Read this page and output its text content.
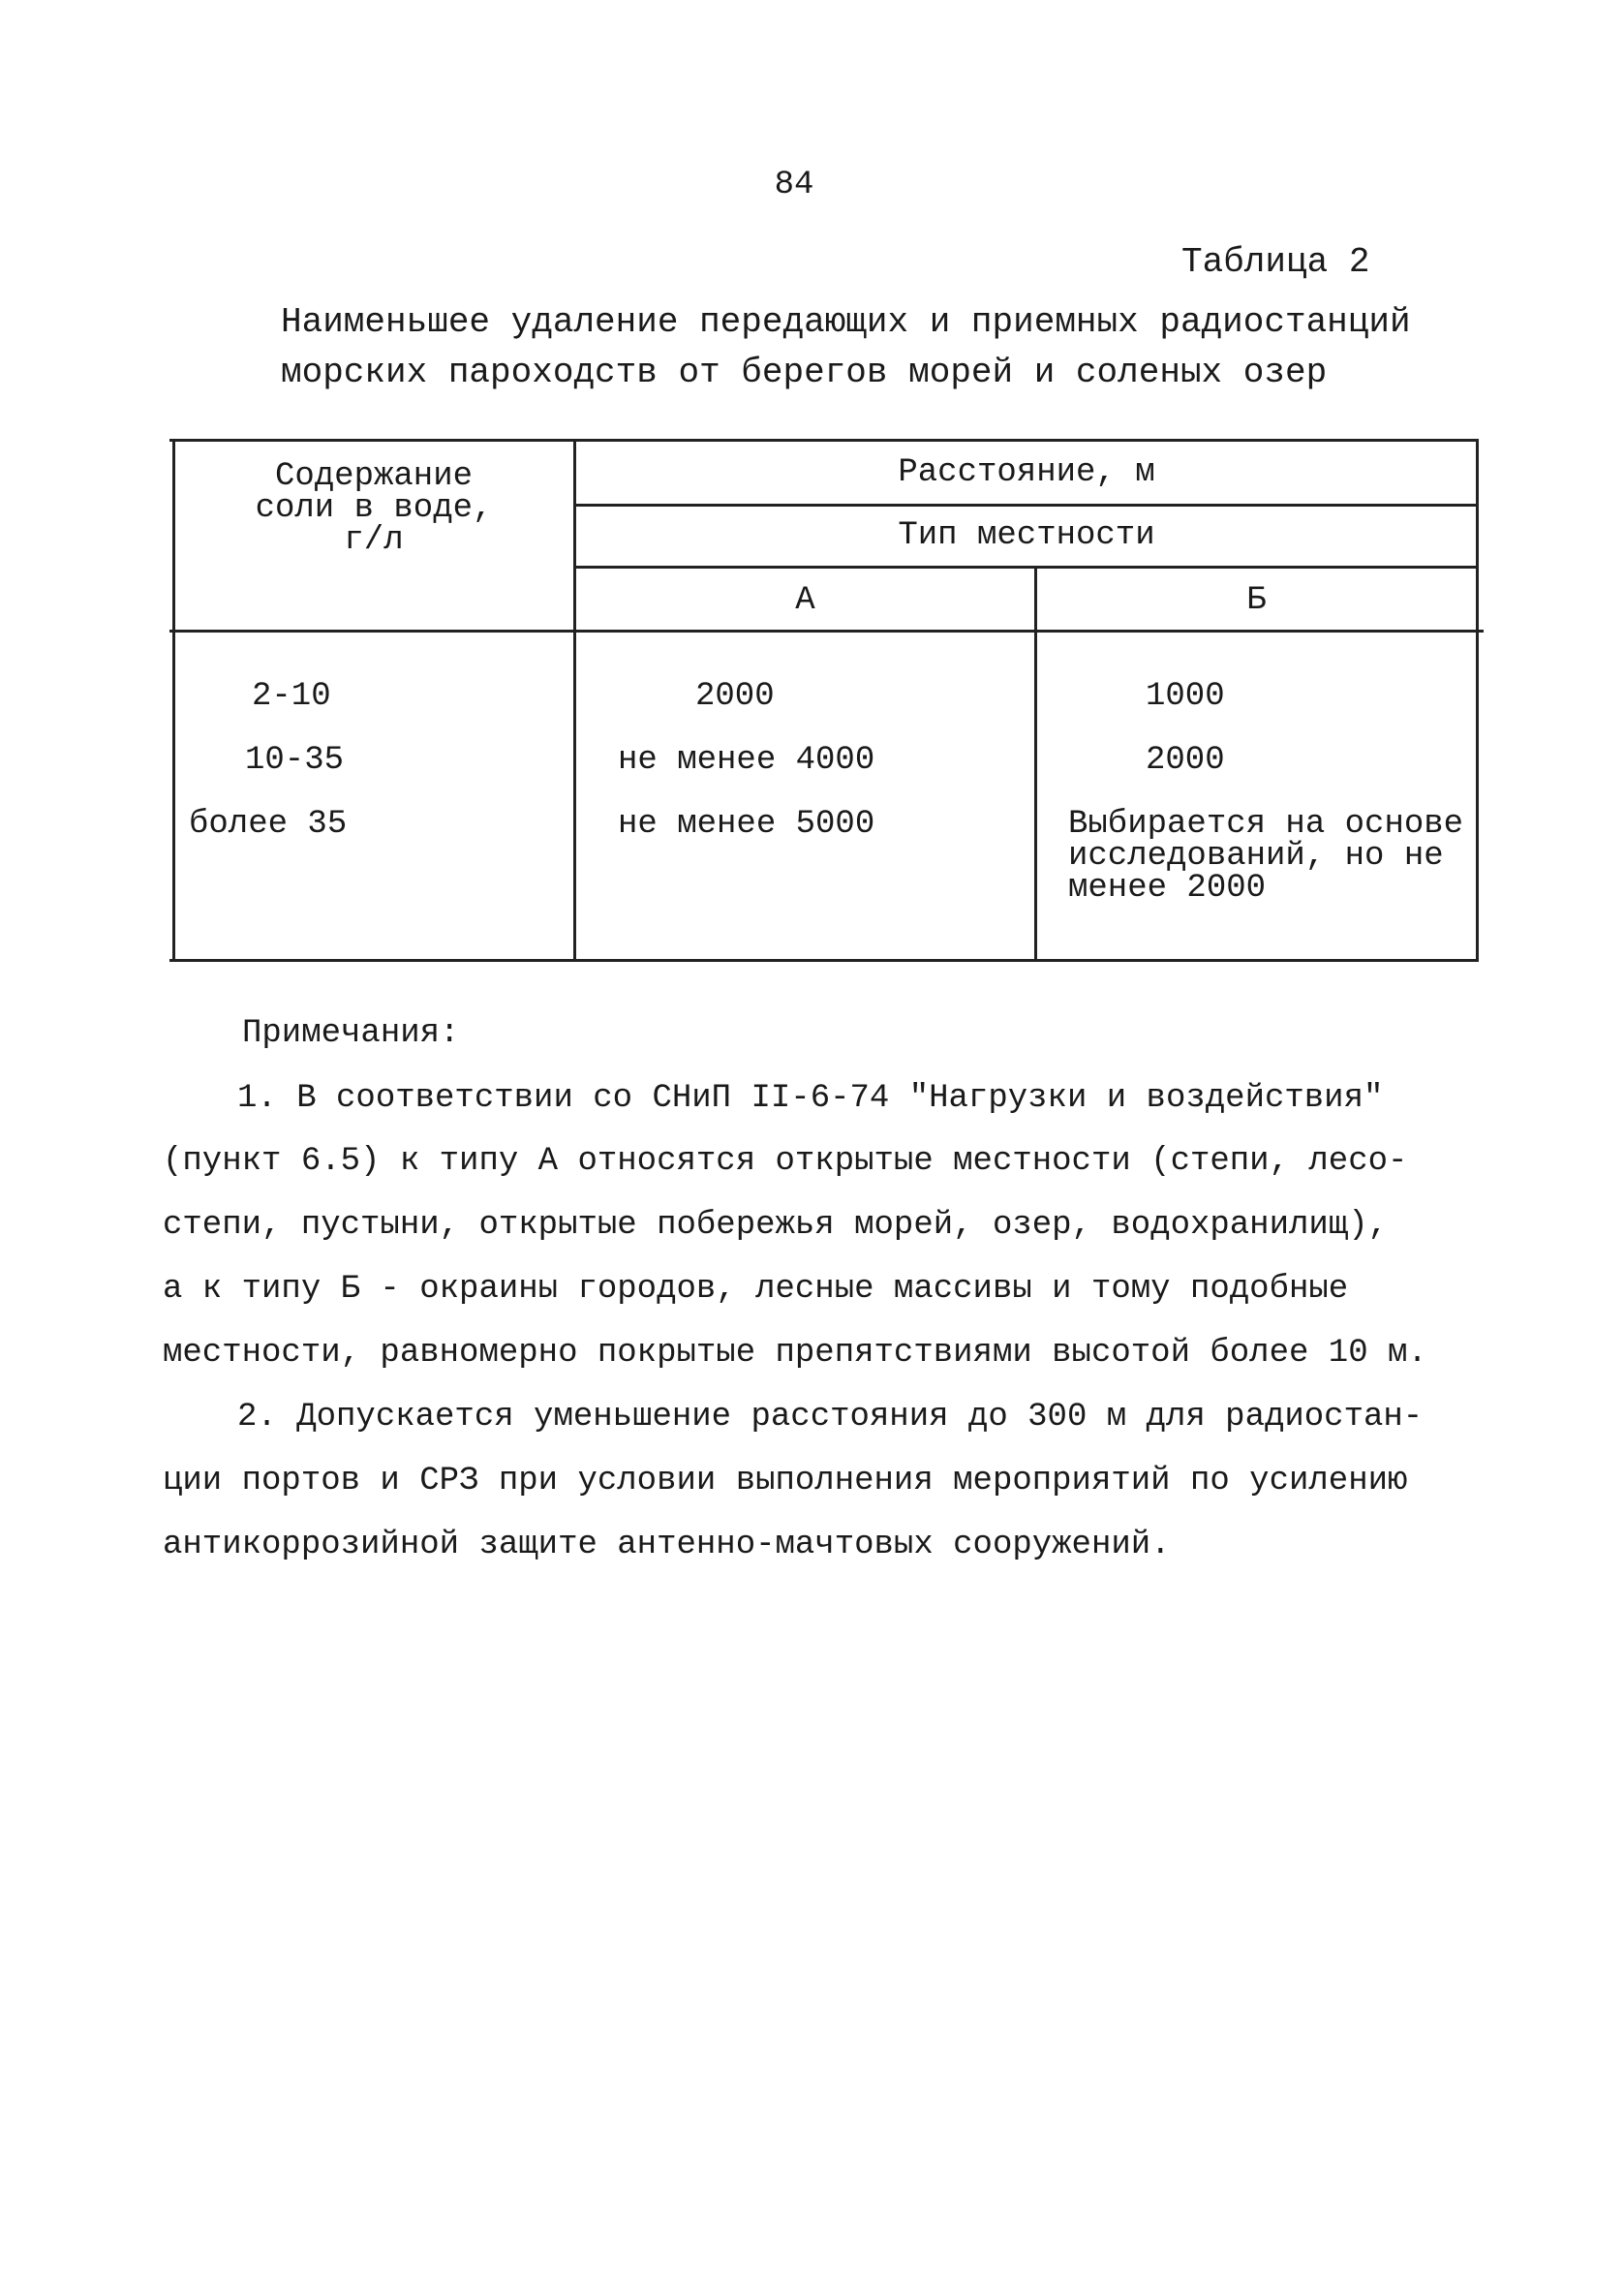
84
Таблица 2
Наименьшее удаление передающих и приемных радиостанций
морских пароходств от берегов морей и соленых озер
Содержание
соли в воде,
г/л
Расстояние, м
Тип местности
А	Б
2-10	2000	1000
10-35	не менее 4000	2000
более 35	не менее 5000	Выбирается на основе
исследований, но не
менее 2000
Примечания:
1. В соответствии со СНиП II-6-74 "Нагрузки и воздействия"
(пункт 6.5) к типу А относятся открытые местности (степи, лесо-
степи, пустыни, открытые побережья морей, озер, водохранилищ),
а к типу Б - окраины городов, лесные массивы и тому подобные
местности, равномерно покрытые препятствиями высотой более 10 м.
2. Допускается уменьшение расстояния до 300 м для радиостан-
ции портов и СРЗ при условии выполнения мероприятий по усилению
антикоррозийной защите антенно-мачтовых сооружений.
